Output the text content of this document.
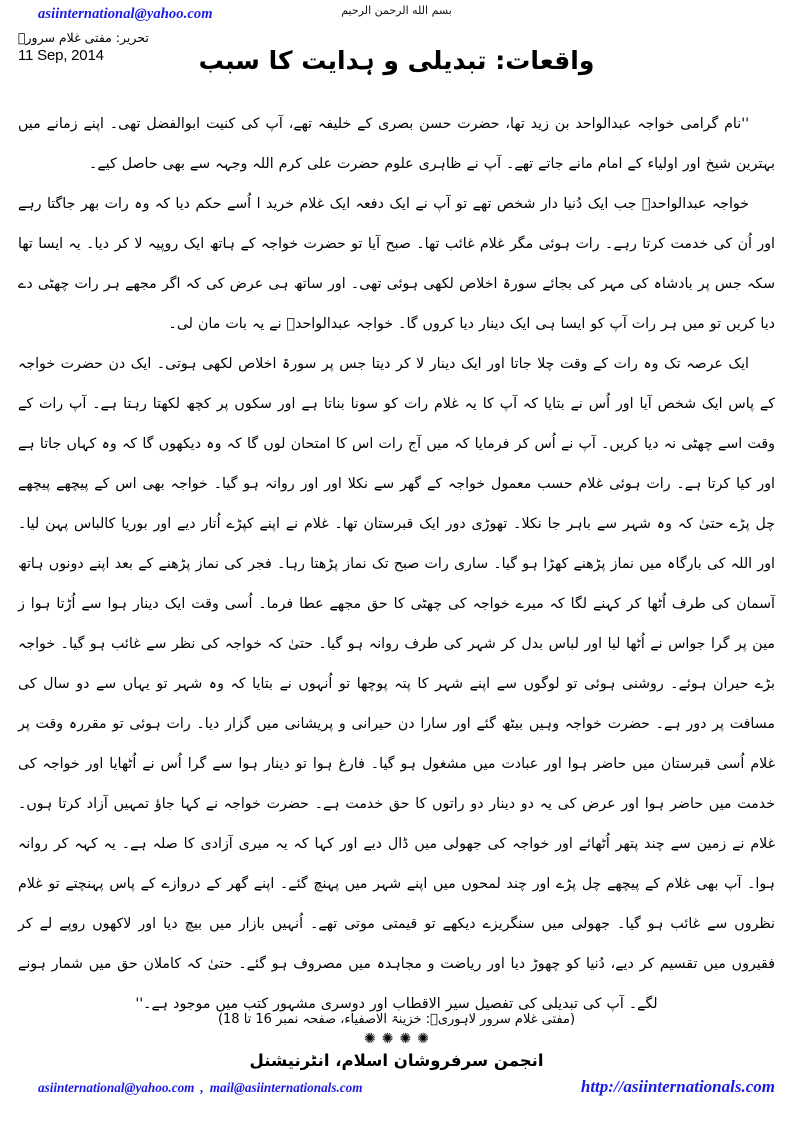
asiinternational@yahoo.com	بسم الله الرحمن الرحيم
تحریر: مفتی غلام سرورؒ
11 Sep, 2014	واقعات: تبدیلی و ہدایت کا سبب

''نام گرامی خواجہ عبدالواحد بن زید تھا، حضرت حسن بصری کے خلیفہ تھے، آپ کی کنیت ابوالفضل تھی۔ اپنے زمانے میں بہترین شیخ اور اولیاء کے امام مانے جاتے تھے۔ آپ نے ظاہری علوم حضرت علی کرم اللہ وجہہ سے بھی حاصل کیے۔

خواجہ عبدالواحدؒ جب ایک دُنیا دار شخص تھے تو آپ نے ایک دفعہ ایک غلام خرید ا اُسے حکم دیا کہ وہ رات بھر جاگتا رہے اور اُن کی خدمت کرتا رہے۔ رات ہوئی مگر غلام غائب تھا۔ صبح آیا تو حضرت خواجہ کے ہاتھ ایک روپیہ لا کر دیا۔ یہ ایسا تھا سکہ جس پر بادشاہ کی مہر کی بجائے سورۃ اخلاص لکھی ہوئی تھی۔ اور ساتھ ہی عرض کی کہ اگر مجھے ہر رات چھٹی دے دیا کریں تو میں ہر رات آپ کو ایسا ہی ایک دینار دیا کروں گا۔ خواجہ عبدالواحدؒ نے یہ بات مان لی۔

ایک عرصہ تک وہ رات کے وقت چلا جاتا اور ایک دینار لا کر دیتا جس پر سورۃ اخلاص لکھی ہوتی۔ ایک دن حضرت خواجہ کے پاس ایک شخص آیا اور اُس نے بتایا کہ آپ کا یہ غلام رات کو سونا بناتا ہے اور سکوں پر کچھ لکھتا رہتا ہے۔ آپ رات کے وقت اسے چھٹی نہ دیا کریں۔ آپ نے اُس کر فرمایا کہ میں آج رات اس کا امتحان لوں گا کہ وہ دیکھوں گا کہ وہ کہاں جاتا ہے اور کیا کرتا ہے۔ رات ہوئی غلام حسب معمول خواجہ کے گھر سے نکلا اور اور روانہ ہو گیا۔ خواجہ بھی اس کے پیچھے پیچھے چل پڑے حتیٰ کہ وہ شہر سے باہر جا نکلا۔ تھوڑی دور ایک قبرستان تھا۔ غلام نے اپنے کپڑے اُتار دیے اور بوریا کالباس پہن لیا۔ اور اللہ کی بارگاہ میں نماز پڑھنے کھڑا ہو گیا۔ ساری رات صبح تک نماز پڑھتا رہا۔ فجر کی نماز پڑھنے کے بعد اپنے دونوں ہاتھ آسمان کی طرف اُٹھا کر کہنے لگا کہ میرے خواجہ کی چھٹی کا حق مجھے عطا فرما۔ اُسی وقت ایک دینار ہوا سے اُڑتا ہوا ز مین پر گرا جواس نے اُٹھا لیا اور لباس بدل کر شہر کی طرف روانہ ہو گیا۔ حتیٰ کہ خواجہ کی نظر سے غائب ہو گیا۔ خواجہ بڑے حیران ہوئے۔ روشنی ہوئی تو لوگوں سے اپنے شہر کا پتہ پوچھا تو اُنہوں نے بتایا کہ وہ شہر تو یہاں سے دو سال کی مسافت پر دور ہے۔ حضرت خواجہ وہیں بیٹھ گئے اور سارا دن حیرانی و پریشانی میں گزار دیا۔ رات ہوئی تو مقررہ وقت پر غلام اُسی قبرستان میں حاضر ہوا اور عبادت میں مشغول ہو گیا۔ فارغ ہوا تو دینار ہوا سے گرا اُس نے اُٹھایا اور خواجہ کی خدمت میں حاضر ہوا اور عرض کی یہ دو دینار دو راتوں کا حق خدمت ہے۔ حضرت خواجہ نے کہا جاؤ تمہیں آزاد کرتا ہوں۔ غلام نے زمین سے چند پتھر اُٹھائے اور خواجہ کی جھولی میں ڈال دیے اور کہا کہ یہ میری آزادی کا صلہ ہے۔ یہ کہہ کر روانہ ہوا۔ آپ بھی غلام کے پیچھے چل پڑے اور چند لمحوں میں اپنے شہر میں پہنچ گئے۔ اپنے گھر کے دروازے کے پاس پہنچتے تو غلام نظروں سے غائب ہو گیا۔ جھولی میں سنگریزے دیکھے تو قیمتی موتی تھے۔ اُنہیں بازار میں بیچ دیا اور لاکھوں روپے لے کر فقیروں میں تقسیم کر دیے، دُنیا کو چھوڑ دیا اور ریاضت و مجاہدہ میں مصروف ہو گئے۔ حتیٰ کہ کاملان حق میں شمار ہونے لگے۔ آپ کی تبدیلی کی تفصیل سیر الاقطاب اور دوسری مشہور کتب میں موجود ہے۔''

(مفتی غلام سرور لاہوریؒ: خزینۃ الاصفیاء، صفحہ نمبر 16 تا 18)
✺ ✺ ✺ ✺
انجمن سرفروشان اسلام، انٹرنیشنل
asiinternational@yahoo.com , mail@asiinternationals.com	http://asiinternationals.com
